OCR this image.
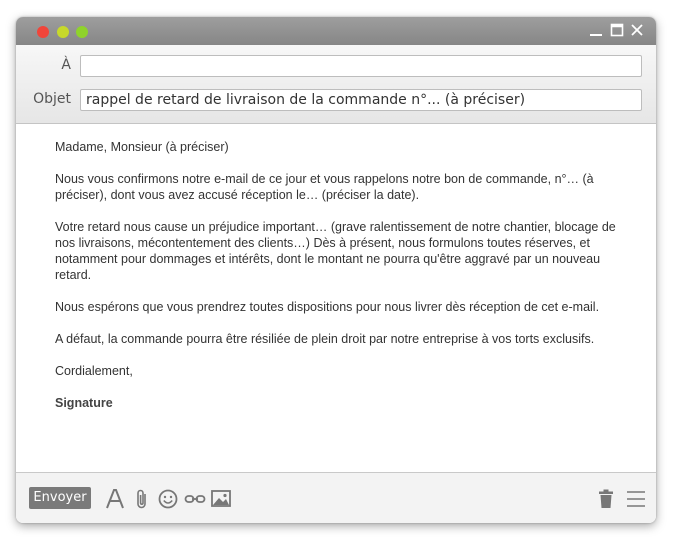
À
Objet	rappel de retard de livraison de la commande n°... (à préciser)

Madame, Monsieur (à préciser)

Nous vous confirmons notre e-mail de ce jour et vous rappelons notre bon de commande, n°… (à préciser), dont vous avez accusé réception le… (préciser la date).

Votre retard nous cause un préjudice important… (grave ralentissement de notre chantier, blocage de nos livraisons, mécontentement des clients…) Dès à présent, nous formulons toutes réserves, et notamment pour dommages et intérêts, dont le montant ne pourra qu'être aggravé par un nouveau retard.

Nous espérons que vous prendrez toutes dispositions pour nous livrer dès réception de cet e-mail.

A défaut, la commande pourra être résiliée de plein droit par notre entreprise à vos torts exclusifs.

Cordialement,

Signature

Envoyer
